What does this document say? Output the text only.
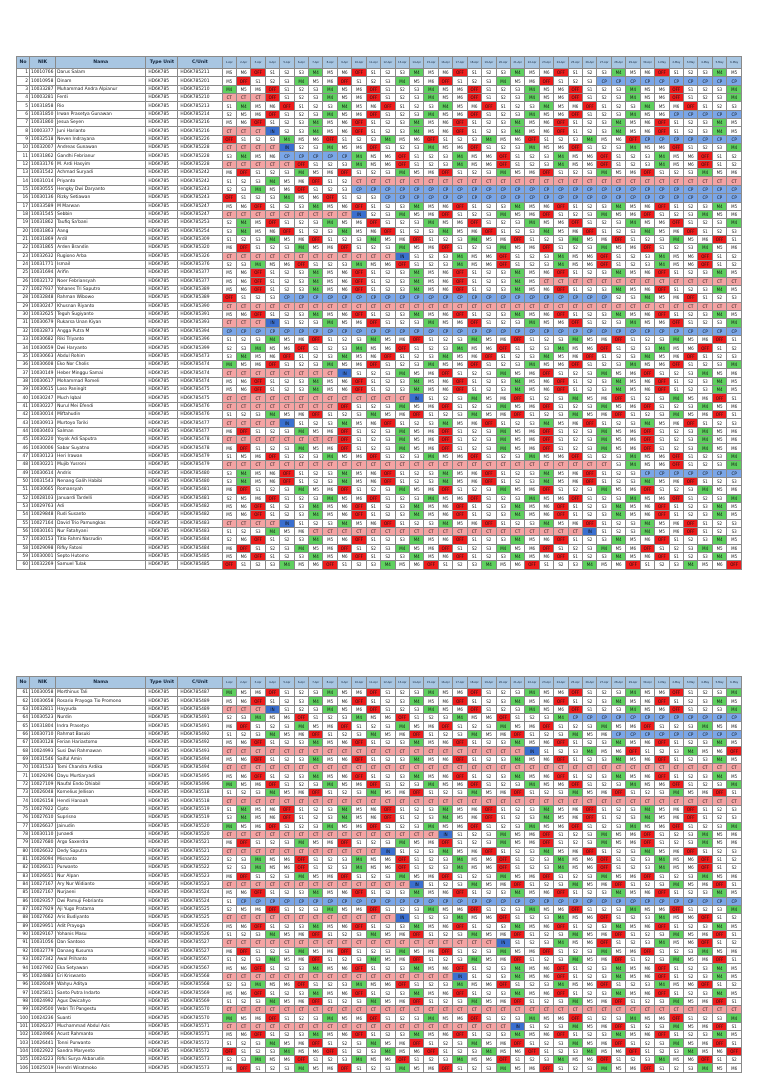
No	NIK	Nama	Type Unit	C/Unit	1-Apr	2-Apr	3-Apr	4-Apr	5-Apr	6-Apr	7-Apr	8-Apr	9-Apr	10-Apr	11-Apr	12-Apr	13-Apr	14-Apr	15-Apr	16-Apr	17-Apr	18-Apr	19-Apr	20-Apr	21-Apr	22-Apr	23-Apr	24-Apr	25-Apr	26-Apr	27-Apr	28-Apr	29-Apr	30-Apr	1-May	2-May	3-May	4-May	5-May	6-May
1	10010766	Darus Salam	HD6K785	HD6K785211	MS	M6	OFF	S1	S2	S3	M4	M5	M6	OFF	S1	S2	S3	M4	M5	M6	OFF	S1	S2	S3	M4	M5	M6	OFF	S1	S2	S3	M4	M5	M6	OFF	S1	S2	S3	M4	M5
2	10010958	Dinam	HD6K785	HD6K785201	M5	OFF	S1	S2	S3	M4	M5	M6	OFF	S1	S2	S3	M4	M5	M6	OFF	S1	S2	S3	M4	M5	M6	OFF	S1	S2	S3	CP	CP	CP	CP	CP	CP	CP	CP	CP	CP
3	10033287	Muhammad Andra Alpianur	HD6K785	HD6K785210	M4	M5	M6	OFF	S1	S2	S3	M4	M5	M6	OFF	S1	S2	S3	M4	M5	M6	OFF	S1	S2	S3	M4	M5	M6	OFF	S1	S2	S3	M4	M5	M6	OFF	S1	S2	S3	M4
4	10003281	Ferdi	HD6K785	HD6K785210	CT	CT	CT	OFF	S1	S2	S3	M4	M5	M6	OFF	S1	S2	S3	M4	M5	M6	OFF	S1	S2	S3	M4	M5	M6	OFF	S1	S2	S3	M4	M5	M6	OFF	S1	S2	S3	M4
5	10031858	Rio	HD6K785	HD6K785213	S1	M4	M5	M6	OFF	S1	S2	S3	M4	M5	M6	OFF	S1	S2	S3	M4	M5	M6	OFF	S1	S2	S3	M4	M5	M6	OFF	S1	S2	S3	M4	M5	M6	OFF	S1	S2	S3
6	10031850	Irwan Prasetya Gunawan	HD6K785	HD6K785214	S2	M5	M6	OFF	S1	S2	S3	M4	M5	M6	OFF	S1	S2	S3	M4	M5	M6	OFF	S1	S2	S3	M4	M5	M6	OFF	S1	S2	S3	M4	M5	M6	CP	CP	CP	CP	CP
7	10031860	Jesua Seyen	HD6K785	HD6K785216	M5	M6	OFF	S1	S2	S3	M4	M5	M6	OFF	S1	S2	S3	M4	M5	M6	OFF	S1	S2	S3	M4	M5	M6	OFF	S1	S2	S3	M4	M5	M6	OFF	S1	S2	S3	M4	M5
8	10003377	Juni Harianto	HD6K785	HD6K785216	CT	CT	CT	IN	S2	S3	M4	M5	M6	OFF	S1	S2	S3	M4	M5	M6	OFF	S1	S2	S3	M4	M5	M6	OFF	S1	S2	S3	M4	M5	M6	OFF	S1	S2	S3	M4	M5
9	10032518	Neven Indrayana	HD6K785	HD6K785226	OFF	S1	S2	S3	M4	M5	M6	OFF	S1	S2	S3	M4	M5	M6	OFF	S1	S2	S3	M4	M5	M6	OFF	S1	S2	S3	M4	M5	M6	OFF	CP	CP	CP	CP	CP	CP	CP
10	10032007	Andreas Gunawan	HD6K785	HD6K785228	CT	CT	CT	CT	IN	S2	S3	M4	M5	M6	OFF	S1	S2	S3	M4	M5	M6	OFF	S1	S2	S3	M4	M5	M6	OFF	S1	S2	S3	M4	M5	M6	OFF	S1	S2	S3	M4
11	10031862	Gandhi Febrianur	HD6K785	HD6K785228	S3	M4	M5	M6	CP	CP	CP	CP	CP	M4	M5	M6	OFF	S1	S2	S3	M4	M5	M6	OFF	S1	S2	S3	M4	M5	M6	OFF	S1	S2	S3	M4	M5	M6	OFF	S1	S2
12	10033176	M. Ardi Hasyim	HD6K785	HD6K785228	CT	CT	CT	CT	CT	OFF	S1	S2	S3	M4	M5	M6	OFF	S1	S2	S3	M4	M5	M6	OFF	S1	S2	S3	M4	M5	M6	OFF	S1	S2	S3	M4	M5	M6	OFF	S1	S2
13	10031542	Achmad Suryadi	HD6K785	HD6K785242	M6	OFF	S1	S2	S3	M4	M5	M6	OFF	S1	S2	S3	M4	M5	M6	OFF	S1	S2	S3	M4	M5	M6	OFF	S1	S2	S3	M4	M5	M6	OFF	S1	S2	S3	M4	M5	M6
14	10031014	Priyanto	HD6K785	HD6K785242	S1	S2	S3	M4	M5	M6	OFF	S1	S2	CT	CT	CT	CT	CT	CT	CT	CT	CT	CT	CT	CT	CT	CT	CT	CT	CT	CT	CT	CT	CT	CT	CT	CT	CT	CT	CT
15	10030555	Hengky Dwi Daryanto	HD6K785	HD6K785243	S2	S3	M4	M5	M6	OFF	S1	S2	S3	CP	CP	CP	CP	CP	CP	CP	CP	CP	CP	CP	CP	CP	CP	CP	CP	CP	CP	CP	CP	CP	CP	CP	CP	CP	CP	CP
16	10030136	Rizky Setiawan	HD6K785	HD6K785243	OFF	S1	S2	S3	M4	M5	M6	OFF	S1	S2	S3	CP	CP	CP	CP	CP	CP	CP	CP	CP	CP	CP	CP	CP	CP	CP	CP	CP	CP	CP	CP	CP	CP	CP	CP	CP
17	10033589	M Marwan	HD6K785	HD6K785247	M5	M6	OFF	S1	S2	S3	M4	M5	M6	OFF	S1	S2	S3	M4	M5	M6	OFF	S1	S2	S3	M4	M5	M6	OFF	S1	S2	S3	M4	M5	M6	OFF	S1	S2	S3	M4	M5
18	10031545	Sebbin	HD6K785	HD6K785247	CT	CT	CT	CT	CT	CT	CT	CT	CT	IN	S2	S3	M4	M5	M6	OFF	S1	S2	S3	M4	M5	M6	OFF	S1	S2	S3	M4	M5	M6	OFF	S1	S2	S3	M4	M5	M6
19	10031862	Taufiq Sa'bani	HD6K785	HD6K785253	S2	M4	M5	OFF	S1	S2	S3	M4	M5	M6	OFF	S1	S2	S3	M4	M5	M6	OFF	S1	S2	S3	M4	M5	M6	OFF	S1	S2	S3	M4	M5	M6	OFF	S1	S2	S3	M4
20	10031863	Aang	HD6K785	HD6K785254	S3	M4	M5	M6	OFF	S1	S2	S3	M4	M5	M6	OFF	S1	S2	S3	M4	M5	M6	OFF	S1	S2	S3	M4	M5	M6	OFF	S1	S2	S3	M4	M5	M6	OFF	S1	S2	S3
21	10031869	Ardil	HD6K785	HD6K785309	S1	S2	S3	M4	M5	M6	OFF	S1	S2	S3	M4	M5	M6	OFF	S1	S2	S3	M4	M5	M6	OFF	S1	S2	S3	M4	M5	M6	OFF	S1	S2	S3	M4	M5	M6	OFF	S1
22	10031865	Arden Brandin	HD6K785	HD6K785320	M6	OFF	S1	S2	S3	M4	M5	M6	OFF	S1	S2	S3	M4	M5	M6	OFF	S1	S2	S3	M4	M5	M6	OFF	S1	S2	S3	M4	M5	M6	OFF	S1	S2	S3	M4	M5	M6
23	10032632	Rugiono Arba	HD6K785	HD6K785326	CT	CT	CT	CT	CT	CT	CT	CT	CT	CT	CT	CT	IN	S1	S2	S3	M4	M5	M6	OFF	S1	S2	S3	M4	M5	M6	OFF	S1	S2	S3	M4	M5	M6	OFF	S1	S2
24	10031771	Ismail	HD6K785	HD6K785376	S2	S3	M4	M5	M6	OFF	S1	S2	S3	M4	M5	M6	OFF	S1	S2	S3	M4	M5	M6	OFF	S1	S2	S3	M4	M5	M6	OFF	S1	S2	S3	M4	M5	M6	OFF	S1	S2
25	10031694	Arifin	HD6K785	HD6K785377	M5	M6	OFF	S1	S2	S3	M4	M5	M6	OFF	S1	S2	S3	M4	M5	M6	OFF	S1	S2	S3	M4	M5	M6	OFF	S1	S2	S3	M4	M5	M6	OFF	S1	S2	S3	M4	M5
26	10032172	Noer Febriansyah	HD6K785	HD6K785377	M5	M6	OFF	S1	S2	S3	M4	M5	M6	OFF	S1	S2	S3	M4	M5	M6	OFF	S1	S2	S3	M4	M5	CT	CT	CT	CT	CT	CT	CT	CT	CT	CT	CT	CT	CT	CT
27	10027937	Yohanes Tri Saputro	HD6K785	HD6K785389	M5	M6	OFF	S1	S2	S3	M4	M5	M6	OFF	S1	S2	S3	M4	M5	M6	OFF	S1	S2	S3	M4	M5	M6	OFF	S1	S2	S3	M4	M5	M6	OFF	S1	S2	S3	M4	M5
28	10032848	Rahman Wibowo	HD6K785	HD6K785389	OFF	S1	S2	S3	CP	CP	CP	CP	CP	CP	CP	CP	CP	CP	CP	CP	CP	CP	CP	CP	CP	CP	CP	CP	CP	CP	CP	S2	S3	M4	M5	M6	OFF	S1	S2	S3
29	10030247	Khusnan Riyanto	HD6K785	HD6K785390	CT	CT	CT	CT	CT	CT	CT	CT	CT	CT	CT	CT	CT	CT	CT	CT	CT	CT	CT	CT	CT	CT	CT	CT	CT	CT	CT	CT	CT	CT	CT	CT	CT	CT	CT	CT
30	10032625	Teguh Sugiyanto	HD6K785	HD6K785391	M5	M6	OFF	S1	S2	S3	M4	M5	M6	OFF	S1	S2	S3	M4	M5	M6	OFF	S1	S2	S3	M4	M5	M6	OFF	S1	S2	S3	M4	M5	M6	OFF	S1	S2	S3	M4	M5
31	10030679	Rukarsa Unan Kiyan	HD6K785	HD6K785393	CT	CT	CT	IN	S1	S2	S3	M4	M5	M6	OFF	S1	S2	S3	M4	M5	M6	OFF	S1	S2	S3	M4	M5	M6	OFF	S1	S2	S3	M4	M5	M6	OFF	S1	S2	S3	M4
32	10032873	Angga Putra M	HD6K785	HD6K785394	CP	CP	CP	CP	CP	CP	CP	CP	CP	CP	CP	CP	CP	CP	CP	CP	CP	CP	CP	CP	CP	CP	CP	CP	CP	CP	CP	CP	CP	CP	CP	CP	CP	CP	CP	CP
33	10030682	Riki Triyanto	HD6K785	HD6K785396	S1	S2	S3	M4	M5	M6	OFF	S1	S2	S3	M4	M5	M6	OFF	S1	S2	S3	M4	M5	M6	OFF	S1	S2	S3	M4	M5	M6	OFF	S1	S2	S3	M4	M5	M6	OFF	S1
34	10030659	Dwi Haryanto	HD6K785	HD6K785399	S2	S3	M4	M5	M6	OFF	S1	S2	S3	M4	M5	M6	OFF	S1	S2	S3	M4	M5	M6	OFF	S1	S2	S3	M4	M5	M6	OFF	S1	S2	S3	M4	M5	M6	OFF	S1	S2
35	10030663	Abdul Rohim	HD6K785	HD6K785473	S3	M4	M5	M6	OFF	S1	S2	S3	M4	M5	M6	OFF	S1	S2	S3	M4	M5	M6	OFF	S1	S2	S3	M4	M5	M6	OFF	S1	S2	S3	M4	M5	M6	OFF	S1	S2	S3
36	10030608	Eko Nor Cholis	HD6K785	HD6K785474	M4	M5	M6	OFF	S1	S2	S3	M4	M5	M6	OFF	S1	S2	S3	M4	M5	M6	OFF	S1	S2	S3	M4	M5	M6	OFF	S1	S2	S3	M4	M5	M6	OFF	S1	S2	S3	M4
37	10030149	Heber Minggu Samai	HD6K785	HD6K785474	CT	CT	CT	CT	CT	CT	CT	CT	IN	S1	S2	S3	M4	M5	M6	OFF	S1	S2	S3	M4	M5	M6	OFF	S1	S2	S3	M4	M5	M6	OFF	S1	S2	S3	M4	M5	M6
38	10030617	Mohammad Romeli	HD6K785	HD6K785474	M5	M6	OFF	S1	S2	S3	M4	M5	M6	OFF	S1	S2	S3	M4	M5	M6	OFF	S1	S2	S3	M4	M5	M6	OFF	S1	S2	S3	M4	M5	M6	OFF	S1	S2	S3	M4	M5
39	10030615	Loso Paningit	HD6K785	HD6K785475	M5	M6	OFF	S1	S2	S3	M4	M5	M6	OFF	S1	S2	S3	M4	M5	M6	OFF	S1	S2	S3	M4	M5	M6	OFF	S1	S2	S3	M4	M5	M6	OFF	S1	S2	S3	M4	M5
40	10030247	Much Iqbal	HD6K785	HD6K785475	CT	CT	CT	CT	CT	CT	CT	CT	CT	CT	CT	CT	CT	IN	S1	S2	S3	M4	M5	M6	OFF	S1	S2	S3	M4	M5	M6	OFF	S1	S2	S3	M4	M5	M6	OFF	S1
41	10030227	Nurul Mei Efendi	HD6K785	HD6K785476	CT	CT	CT	CT	CT	CT	CT	CT	OFF	S1	S2	S3	M4	M5	M6	OFF	S1	S2	S3	M4	M5	M6	OFF	S1	S2	S3	M4	M5	M6	OFF	S1	S2	S3	M4	M5	M6
42	10030014	Miftahudin	HD6K785	HD6K785476	S1	S2	S3	M4	M5	M6	OFF	S1	S2	S3	M4	M5	M6	OFF	S1	S2	S3	M4	M5	M6	OFF	S1	S2	S3	M4	M5	M6	OFF	S1	S2	S3	M4	M5	M6	OFF	S1
43	10030913	Murtoyo Toriki	HD6K785	HD6K785477	CT	CT	CT	CT	IN	S1	S2	S3	M4	M5	M6	OFF	S1	S2	S3	M4	M5	M6	OFF	S1	S2	S3	M4	M5	M6	OFF	S1	S2	S3	M4	M5	M6	OFF	S1	S2	S3
44	10030403	Salman	HD6K785	HD6K785477	M6	OFF	S1	S2	S3	M4	M5	M6	OFF	S1	S2	S3	M4	M5	M6	OFF	S1	S2	S3	M4	M5	M6	OFF	S1	S2	S3	M4	M5	M6	OFF	S1	S2	S3	M4	M5	M6
45	10030220	Yoyok Adi Saputra	HD6K785	HD6K785478	CT	CT	CT	CT	CT	CT	CT	CT	OFF	S1	S2	S3	M4	M5	M6	OFF	S1	S2	S3	M4	M5	M6	OFF	S1	S2	S3	M4	M5	M6	OFF	S1	S2	S3	M4	M5	M6
46	10030006	Sabar Suyatno	HD6K785	HD6K785478	M6	OFF	S1	S2	S3	M4	M5	M6	OFF	S1	S2	S3	M4	M5	M6	OFF	S1	S2	S3	M4	M5	M6	OFF	S1	S2	S3	M4	M5	M6	OFF	S1	S2	S3	M4	M5	M6
47	10030123	Heri Irawan	HD6K785	HD6K785479	S1	M5	M6	OFF	S1	S2	S3	M4	M5	M6	OFF	S1	S2	S3	M4	M5	M6	OFF	S1	S2	S3	M4	M5	M6	OFF	S1	S2	S3	M4	M5	M6	OFF	S1	S2	S3	M4
48	10030221	Mujib Yusroni	HD6K785	HD6K785479	CT	CT	CT	CT	CT	CT	CT	CT	CT	CT	CT	CT	CT	CT	CT	CT	CT	CT	CT	CT	CT	CT	CT	CT	CT	CT	CT	S3	M4	M5	M6	OFF	S1	S2	S3	M4
49	10030614	Andris	HD6K785	HD6K785480	S3	M4	M5	M6	OFF	S1	S2	S3	M4	M5	M6	OFF	S1	S2	S3	M4	M5	M6	OFF	S1	S2	S3	M4	M5	M6	OFF	S1	S2	S3	CP	CP	CP	CP	CP	CP	CP
50	10031543	Nenang Galih Habibi	HD6K785	HD6K785480	S3	M4	M5	M6	OFF	S1	S2	S3	M4	M5	M6	OFF	S1	S2	S3	M4	M5	M6	OFF	S1	S2	S3	M4	M5	M6	OFF	S1	S2	S3	M4	M5	M6	OFF	S1	S2	S3
51	10030665	Romansyah	HD6K785	HD6K785481	M6	OFF	S1	S2	S3	M4	M5	M6	OFF	S1	S2	S3	M4	M5	M6	OFF	S1	S2	S3	M4	M5	M6	OFF	S1	S2	S3	M4	M5	M6	OFF	S1	S2	S3	M4	M5	M6
52	10028103	Januardi Tardelli	HD6K785	HD6K785481	S2	M5	M6	OFF	S1	S2	S3	M4	M5	M6	OFF	S1	S2	S3	M4	M5	M6	OFF	S1	S2	S3	M4	M5	M6	OFF	S1	S2	S3	M4	M5	M6	OFF	S1	S2	S3	M4
53	10029763	Adi	HD6K785	HD6K785482	M5	M6	OFF	S1	S2	S3	M4	M5	M6	OFF	S1	S2	S3	M4	M5	M6	OFF	S1	S2	S3	M4	M5	M6	OFF	S1	S2	S3	M4	M5	M6	OFF	S1	S2	S3	M4	M5
54	10029848	Rudi Susanto	HD6K785	HD6K785482	M5	M6	OFF	S1	S2	S3	M4	M5	M6	OFF	S1	S2	S3	M4	M5	M6	OFF	S1	S2	S3	M4	M5	M6	OFF	S1	S2	S3	M4	M5	M6	OFF	S1	S2	S3	M4	M5
55	10027164	David Trio Pamungkas	HD6K785	HD6K785483	CT	CT	CT	CT	IN	S1	S2	S3	M4	M5	M6	OFF	S1	S2	S3	M4	M5	M6	OFF	S1	S2	S3	M4	M5	M6	OFF	S1	S2	S3	M4	M5	M6	OFF	S1	S2	S3
56	10030161	Nur Fatahyani	HD6K785	HD6K785483	S1	S2	S3	M4	M5	M6	CT	CT	CT	CT	CT	CT	CT	CT	CT	CT	CT	CT	CT	CT	CT	CT	CT	CT	CT	IN	S1	S2	S3	M4	M5	M6	OFF	S1	S2	S3
57	10030153	Titio Fahmi Nasrudin	HD6K785	HD6K785484	S2	M6	OFF	S1	S2	S3	M4	M5	M6	OFF	S1	S2	S3	M4	M5	M6	OFF	S1	S2	S3	M4	M5	M6	OFF	S1	S2	S3	M4	M5	M6	OFF	S1	S2	S3	M4	M5
58	10029098	Rifky Fatoni	HD6K785	HD6K785484	M6	OFF	S1	S2	S3	M4	M5	M6	OFF	S1	S2	S3	M4	M5	M6	OFF	S1	S2	S3	M4	M5	M6	OFF	S1	S2	S3	M4	M5	M6	OFF	S1	S2	S3	M4	M5	M6
59	10030001	Septo Hutomo	HD6K785	HD6K785485	M5	M6	OFF	S1	S2	S3	M4	M5	M6	OFF	S1	S2	S3	M4	M5	M6	OFF	S1	S2	S3	M4	M5	M6	OFF	S1	S2	S3	M4	M5	M6	OFF	S1	S2	S3	M4	M5
60	10032269	Samuel Tulak	HD6K785	HD6K785485	OFF	S1	S2	S3	M4	M5	M6	OFF	S1	S2	S3	M4	M5	M6	OFF	S1	S2	S3	M4	M5	M6	OFF	S1	S2	S3	M4	M5	M6	OFF	S1	S2	S3	M4	M5	M6	OFF
No	NIK	Nama	Type Unit	C/Unit	1-Apr	2-Apr	3-Apr	4-Apr	5-Apr	6-Apr	7-Apr	8-Apr	9-Apr	10-Apr	11-Apr	12-Apr	13-Apr	14-Apr	15-Apr	16-Apr	17-Apr	18-Apr	19-Apr	20-Apr	21-Apr	22-Apr	23-Apr	24-Apr	25-Apr	26-Apr	27-Apr	28-Apr	29-Apr	30-Apr	1-May	2-May	3-May	4-May	5-May	6-May
61	10030058	Morthinus Tali	HD6K785	HD6K785487	M4	M5	M6	OFF	S1	S2	S3	M4	M5	M6	OFF	S1	S2	S3	M4	M5	M6	OFF	S1	S2	S3	M4	M5	M6	OFF	S1	S2	S3	M4	M5	M6	OFF	S1	S2	S3	M4
62	10030658	Rosario Prayoga Tio Promono	HD6K785	HD6K785489	M5	M6	OFF	S1	S2	S3	M4	M5	M6	OFF	S1	S2	S3	M4	M5	M6	OFF	S1	S2	S3	M4	M5	M6	OFF	S1	S2	S3	M4	M5	M6	OFF	S1	S2	S3	M4	M5
63	10032811	Hayyuda	HD6K785	HD6K785489	CT	CT	CT	IN	S1	S2	S3	M4	M5	M6	OFF	S1	S2	S3	M4	M5	M6	OFF	S1	S2	S3	M4	M5	M6	OFF	S1	S2	S3	M4	M5	M6	OFF	S1	S2	S3	M4
64	10030523	Nurdin	HD6K785	HD6K785491	S2	S3	M4	M5	M6	OFF	S1	S2	S3	M4	M5	M6	OFF	S1	S2	S3	M4	M5	M6	OFF	S1	S2	S3	M4	CP	CP	CP	CP	CP	CP	CP	CP	CP	CP	CP	CP
65	10031804	Indra Prasetyo	HD6K785	HD6K785491	M6	OFF	S1	S2	S3	M4	M5	M6	OFF	S1	S2	S3	M4	M5	M6	OFF	S1	S2	S3	M4	M5	M6	OFF	S1	S2	S3	M4	M5	M6	OFF	S1	S2	S3	M4	M5	M6
66	10030710	Rahmat Basuki	HD6K785	HD6K785492	S1	S2	S3	M4	M5	M6	OFF	S1	S2	S3	M4	M5	M6	OFF	S1	S2	S3	M4	M5	M6	OFF	S1	S2	S3	M4	M5	M6	CP	CP	CP	CP	CP	CP	CP	CP	CP
67	10030128	Ferian Hariastomo	HD6K785	HD6K785492	M5	M6	OFF	S1	S2	S3	M4	M5	M6	OFF	S1	S2	S3	M4	M5	M6	OFF	S1	S2	S3	M4	M5	M6	OFF	S1	S2	S3	M4	M5	M6	OFF	S1	S2	S3	M4	M5
68	10024993	Susi Dwi Rahmawan	HD6K785	HD6K785493	CT	CT	CT	CT	CT	CT	CT	CT	CT	CT	CT	CT	CT	CT	CT	CT	CT	CT	CT	CT	CT	IN	S1	S2	S3	M4	M5	M6	OFF	S1	S2	S3	M4	M5	M6	OFF
69	10031546	Saiful Amin	HD6K785	HD6K785494	M5	M6	OFF	S1	S2	S3	M4	M5	M6	OFF	S1	S2	S3	M4	M5	M6	OFF	S1	S2	S3	M4	M5	M6	OFF	S1	S2	S3	M4	M5	M6	OFF	S1	S2	S3	M4	M5
70	10031533	Tomi Chandra Ardika	HD6K785	HD6K785494	CT	CT	CT	CT	CT	CT	CT	CT	CT	CT	CT	CT	CT	CT	CT	CT	CT	CT	CT	CT	CT	CT	CT	CT	CT	CT	CT	CT	CT	CT	CT	CT	CT	CT	CT	CT
71	10029296	Dayu Murtiaryadi	HD6K785	HD6K785495	M5	M6	OFF	S1	S2	S3	M4	M5	M6	OFF	S1	S2	S3	M4	M5	M6	OFF	S1	S2	S3	M4	M5	M6	OFF	S1	S2	S3	M4	M5	M6	OFF	S1	S2	S3	M4	M5
72	10027109	Naufal Endo Dhiabil	HD6K785	HD6K785496	M4	M5	M6	OFF	S1	S2	S3	M4	M5	M6	OFF	S1	S2	S3	M4	M5	M6	OFF	S1	S2	S3	M4	M5	M6	OFF	S1	S2	S3	M4	M5	M6	OFF	S1	S2	S3	M4
73	10026048	Kornelius Jellison	HD6K785	HD6K785518	S1	S2	S3	M4	M5	M6	OFF	S1	S2	S3	M4	M5	M6	OFF	S1	S2	S3	M4	M5	M6	OFF	S1	S2	S3	M4	M5	M6	OFF	S1	S2	S3	M4	M5	M6	OFF	S1
74	10026158	Hendi Hanaah	HD6K785	HD6K785518	CT	CT	CT	CT	CT	CT	CT	CT	CT	CT	CT	CT	CT	CT	CT	CT	CT	CT	CT	CT	CT	CT	CT	CT	CT	CT	CT	CT	CT	CT	CT	CT	CT	CT	CT	CT
75	10027922	Cipto	HD6K785	HD6K785519	S1	M4	M5	M6	OFF	S1	S2	S3	M4	M5	M6	OFF	S1	S2	S3	M4	M5	M6	OFF	S1	S2	S3	M4	M5	M6	OFF	S1	S2	S3	M4	M5	M6	OFF	S1	S2	S3
76	10027610	Suprisno	HD6K785	HD6K785519	S3	M4	M5	M6	OFF	S1	S2	S3	M4	M5	M6	OFF	S1	S2	S3	M4	M5	M6	OFF	S1	S2	S3	M4	M5	M6	OFF	S1	S2	S3	M4	M5	M6	OFF	S1	S2	S3
77	10026637	Jainudin	HD6K785	HD6K785520	M4	M5	M6	OFF	S1	S2	S3	M4	M5	M6	OFF	S1	S2	S3	M4	M5	M6	OFF	S1	S2	S3	M4	M5	M6	OFF	S1	S2	S3	M4	M5	M6	OFF	S1	S2	S3	M4
78	10030110	Junaedi	HD6K785	HD6K785520	CT	CT	CT	CT	CT	CT	CT	CT	CT	CT	CT	CT	CT	CT	CT	IN	S1	S2	S3	M4	M5	M6	OFF	S1	S2	S3	M4	M5	M6	OFF	S1	S2	S3	M4	M5	M6
79	10027680	Argo Saxerdra	HD6K785	HD6K785521	M6	OFF	S1	S2	S3	M4	M5	M6	OFF	S1	S2	S3	M4	M5	M6	OFF	S1	S2	S3	M4	M5	M6	OFF	S1	S2	S3	M4	M5	M6	OFF	S1	S2	S3	M4	M5	M6
80	10026632	Dedy Saputra	HD6K785	HD6K785521	CT	CT	CT	CT	CT	CT	CT	CT	CT	CT	CT	IN	S1	S2	S3	M4	M5	M6	OFF	S1	S2	S3	M4	M5	M6	OFF	S1	S2	S3	M4	M5	M6	OFF	S1	S2	S3
81	10026094	Misnanto	HD6K785	HD6K785522	S2	S3	M4	M5	M6	OFF	S1	S2	S3	M4	M5	M6	OFF	S1	S2	S3	M4	M5	M6	OFF	S1	S2	S3	M4	M5	M6	OFF	S1	S2	S3	M4	M5	M6	OFF	S1	S2
82	10026611	Purwanto	HD6K785	HD6K785522	S2	S3	M4	M5	M6	OFF	S1	S2	S3	M4	M5	M6	OFF	S1	S2	S3	M4	M5	M6	OFF	S1	S2	S3	M4	M5	M6	OFF	S1	S2	S3	M4	M5	M6	OFF	S1	S2
83	10026651	Nur Alpan	HD6K785	HD6K785523	M6	OFF	S1	S2	S3	M4	M5	M6	OFF	S1	S2	S3	M4	M5	M6	OFF	S1	S2	S3	M4	M5	M6	OFF	S1	S2	S3	M4	M5	M6	OFF	S1	S2	S3	M4	M5	M6
84	10027167	Ary Nur Widianto	HD6K785	HD6K785523	CT	CT	CT	CT	CT	CT	CT	CT	CT	CT	CT	CT	CT	IN	S1	S2	S3	M4	M5	M6	OFF	S1	S2	S3	M4	M5	M6	OFF	S1	S2	S3	M4	M5	M6	OFF	S1
85	10027167	Nurjaeni	HD6K785	HD6K785524	M5	M6	OFF	S1	S2	S3	M4	M5	M6	OFF	S1	S2	S3	M4	M5	M6	OFF	S1	S2	S3	M4	M5	M6	OFF	S1	S2	S3	M4	M5	M6	OFF	S1	S2	S3	M4	M5
86	10029357	Dwi Pamuji Febrianto	HD6K785	HD6K785524	S1	CP	CP	CP	CP	CP	CP	CP	CP	CP	CP	CP	CP	CP	CP	CP	CP	CP	CP	CP	CP	CP	CP	CP	CP	CP	CP	CP	CP	CP	CP	CP	CP	CP	CP	CP
87	10027929	Aji Yugo Pratama	HD6K785	HD6K785525	S2	M5	M6	OFF	S1	S2	S3	M4	M5	M6	OFF	S1	S2	S3	M4	M5	M6	OFF	S1	S2	S3	M4	M5	M6	OFF	S1	S2	S3	M4	M5	M6	OFF	S1	S2	S3	M4
88	10027662	Aris Budiyanto	HD6K785	HD6K785525	CT	CT	CT	CT	CT	CT	CT	CT	CT	CT	CT	CT	IN	S1	S2	S3	M4	M5	M6	OFF	S1	S2	S3	M4	M5	M6	OFF	S1	S2	S3	M4	M5	M6	OFF	S1	S2
89	10029951	Adit Prayoga	HD6K785	HD6K785526	M5	M6	OFF	S1	S2	S3	M4	M5	M6	OFF	S1	S2	S3	M4	M5	M6	OFF	S1	S2	S3	M4	M5	M6	OFF	S1	S2	S3	M4	M5	M6	OFF	S1	S2	S3	M4	M5
90	10029167	Yohanis Masu	HD6K785	HD6K785526	S1	S2	S3	M4	M5	M6	OFF	S1	S2	S3	M4	M5	M6	OFF	S1	S2	S3	M4	M5	M6	OFF	S1	S2	S3	M4	M5	M6	OFF	S1	S2	S3	M4	M5	M6	OFF	S1
91	10031056	Dan Santoso	HD6K785	HD6K785527	CT	CT	CT	CT	CT	CT	CT	CT	CT	CT	CT	CT	CT	CT	CT	CT	CT	CT	CT	IN	S1	S2	S3	M4	M5	M6	OFF	S1	S2	S3	M4	M5	M6	OFF	S1	S2
92	10032779	Danang Kusuma	HD6K785	HD6K785527	M6	OFF	S1	S2	S3	M4	M5	M6	OFF	S1	S2	S3	M4	M5	M6	OFF	S1	S2	S3	M4	M5	M6	OFF	S1	S2	S3	M4	M5	M6	OFF	S1	S2	S3	M4	M5	M6
93	10027342	Awal Prihanto	HD6K785	HD6K785567	S1	S2	S3	M4	M5	M6	OFF	S1	S2	S3	M4	M5	M6	OFF	S1	S2	S3	M4	M5	M6	OFF	S1	S2	S3	M4	M5	M6	OFF	S1	S2	S3	M4	M5	M6	OFF	S1
94	10027902	Eka Setyawan	HD6K785	HD6K785567	M5	M6	OFF	S1	S2	S3	M4	M5	M6	OFF	S1	S2	S3	M4	M5	M6	OFF	S1	S2	S3	M4	M5	M6	OFF	S1	S2	S3	M4	M5	M6	OFF	S1	S2	S3	M4	M5
95	10024883	Eri Kriswanto	HD6K785	HD6K785568	CT	CT	CT	CT	CT	CT	CT	CT	CT	CT	CT	CT	CT	CT	CT	CT	IN	S1	S2	S3	M4	M5	M6	OFF	S1	S2	S3	M4	M5	M6	OFF	S1	S2	S3	M4	M5
96	10026049	Wahyu Aditya	HD6K785	HD6K785568	S2	S3	M4	M5	M6	OFF	S1	S2	S3	M4	M5	M6	OFF	S1	S2	S3	M4	M5	M6	OFF	S1	S2	S3	M4	M5	M6	OFF	S1	S2	S3	M4	M5	M6	OFF	S1	S2
97	10025811	Santo Putra Indarto	HD6K785	HD6K785569	M5	M6	OFF	S1	S2	S3	M4	M5	M6	OFF	S1	S2	S3	M4	M5	M6	OFF	S1	S2	S3	M4	M5	M6	OFF	S1	S2	S3	M4	M5	M6	OFF	S1	S2	S3	M4	M5
98	10024992	Agus Dwicahyo	HD6K785	HD6K785569	S1	S2	S3	M4	M5	M6	OFF	S1	S2	S3	M4	M5	M6	OFF	S1	S2	S3	M4	M5	M6	OFF	S1	S2	S3	M4	M5	M6	OFF	S1	S2	S3	M4	M5	M6	OFF	S1
99	10029500	Vebri Tri Pangestu	HD6K785	HD6K785570	CT	CT	CT	CT	CT	CT	CT	CT	CT	CT	CT	CT	CT	CT	CT	CT	CT	CT	CT	CT	CT	CT	CT	CT	CT	CT	CT	CT	CT	CT	CT	CT	CT	CT	CT	CT
100	10024236	Suanti	HD6K785	HD6K785570	M4	M5	M6	OFF	S1	S2	S3	M4	M5	M6	OFF	S1	S2	S3	M4	M5	M6	OFF	S1	S2	S3	M4	M5	M6	OFF	S1	S2	S3	M4	M5	M6	OFF	S1	S2	S3	M4
101	10026237	Muchammad Abdul Azis	HD6K785	HD6K785571	CT	CT	CT	CT	CT	CT	CT	CT	CT	CT	CT	CT	CT	CT	CT	CT	CT	CT	CT	CT	IN	S1	S2	S3	M4	M5	M6	OFF	S1	S2	S3	M4	M5	M6	OFF	S1
102	10024966	Acust Rahmanto	HD6K785	HD6K785571	M5	M6	OFF	S1	S2	S3	M4	M5	M6	OFF	S1	S2	S3	M4	M5	M6	OFF	S1	S2	S3	M4	M5	M6	OFF	S1	S2	S3	M4	M5	M6	OFF	S1	S2	S3	M4	M5
103	10026441	Tonni Purwanto	HD6K785	HD6K785572	S1	S2	S3	M4	M5	M6	OFF	S1	S2	S3	M4	M5	M6	OFF	S1	S2	S3	M4	M5	M6	OFF	S1	S2	S3	M4	M5	M6	OFF	S1	S2	S3	M4	M5	M6	OFF	S1
104	10022922	Sandra Maryento	HD6K785	HD6K785572	OFF	S1	S2	S3	M4	M5	M6	OFF	S1	S2	S3	M4	M5	M6	OFF	S1	S2	S3	M4	M5	M6	OFF	S1	S2	S3	M4	M5	M6	OFF	S1	S2	S3	M4	M5	M6	OFF
105	10024223	Rifki Surya Akbarudin	HD6K785	HD6K785573	S2	S3	M4	M5	M6	OFF	S1	S2	S3	M4	M5	M6	OFF	S1	S2	S3	M4	M5	M6	OFF	S1	S2	S3	M4	M5	M6	OFF	S1	S2	S3	M4	M5	M6	OFF	S1	S2
106	10025019	Hendri Wiratmoko	HD6K785	HD6K785573	M6	OFF	S1	S2	S3	M4	M5	M6	OFF	S1	S2	S3	M4	M5	M6	OFF	S1	S2	S3	M4	M5	M6	OFF	S1	S2	S3	M4	M5	M6	OFF	S1	S2	S3	M4	M5	M6
